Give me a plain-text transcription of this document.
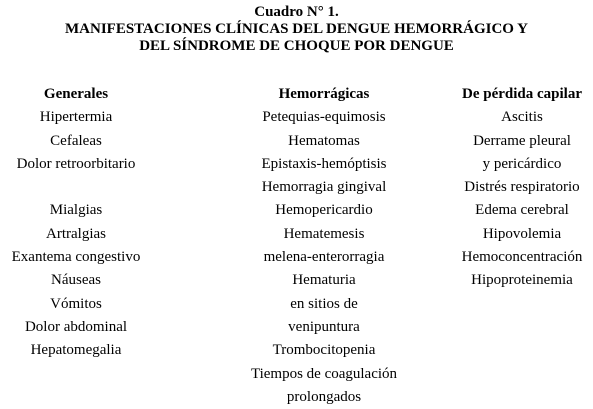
Cuadro N° 1.
MANIFESTACIONES CLÍNICAS DEL DENGUE HEMORRÁGICO Y
DEL SÍNDROME DE CHOQUE POR DENGUE
Generales
Hipertermia
Cefaleas
Dolor retroorbitario
Mialgias
Artralgias
Exantema congestivo
Náuseas
Vómitos
Dolor abdominal
Hepatomegalia
Hemorrágicas
Petequias-equimosis
Hematomas
Epistaxis-hemóptisis
Hemorragia gingival
Hemopericardio
Hematemesis
melena-enterorragia
Hematuria
en sitios de
venipuntura
Trombocitopenia
Tiempos de coagulación
prolongados
De pérdida capilar
Ascitis
Derrame pleural
y pericárdico
Distrés respiratorio
Edema cerebral
Hipovolemia
Hemoconcentración
Hipoproteinemia
